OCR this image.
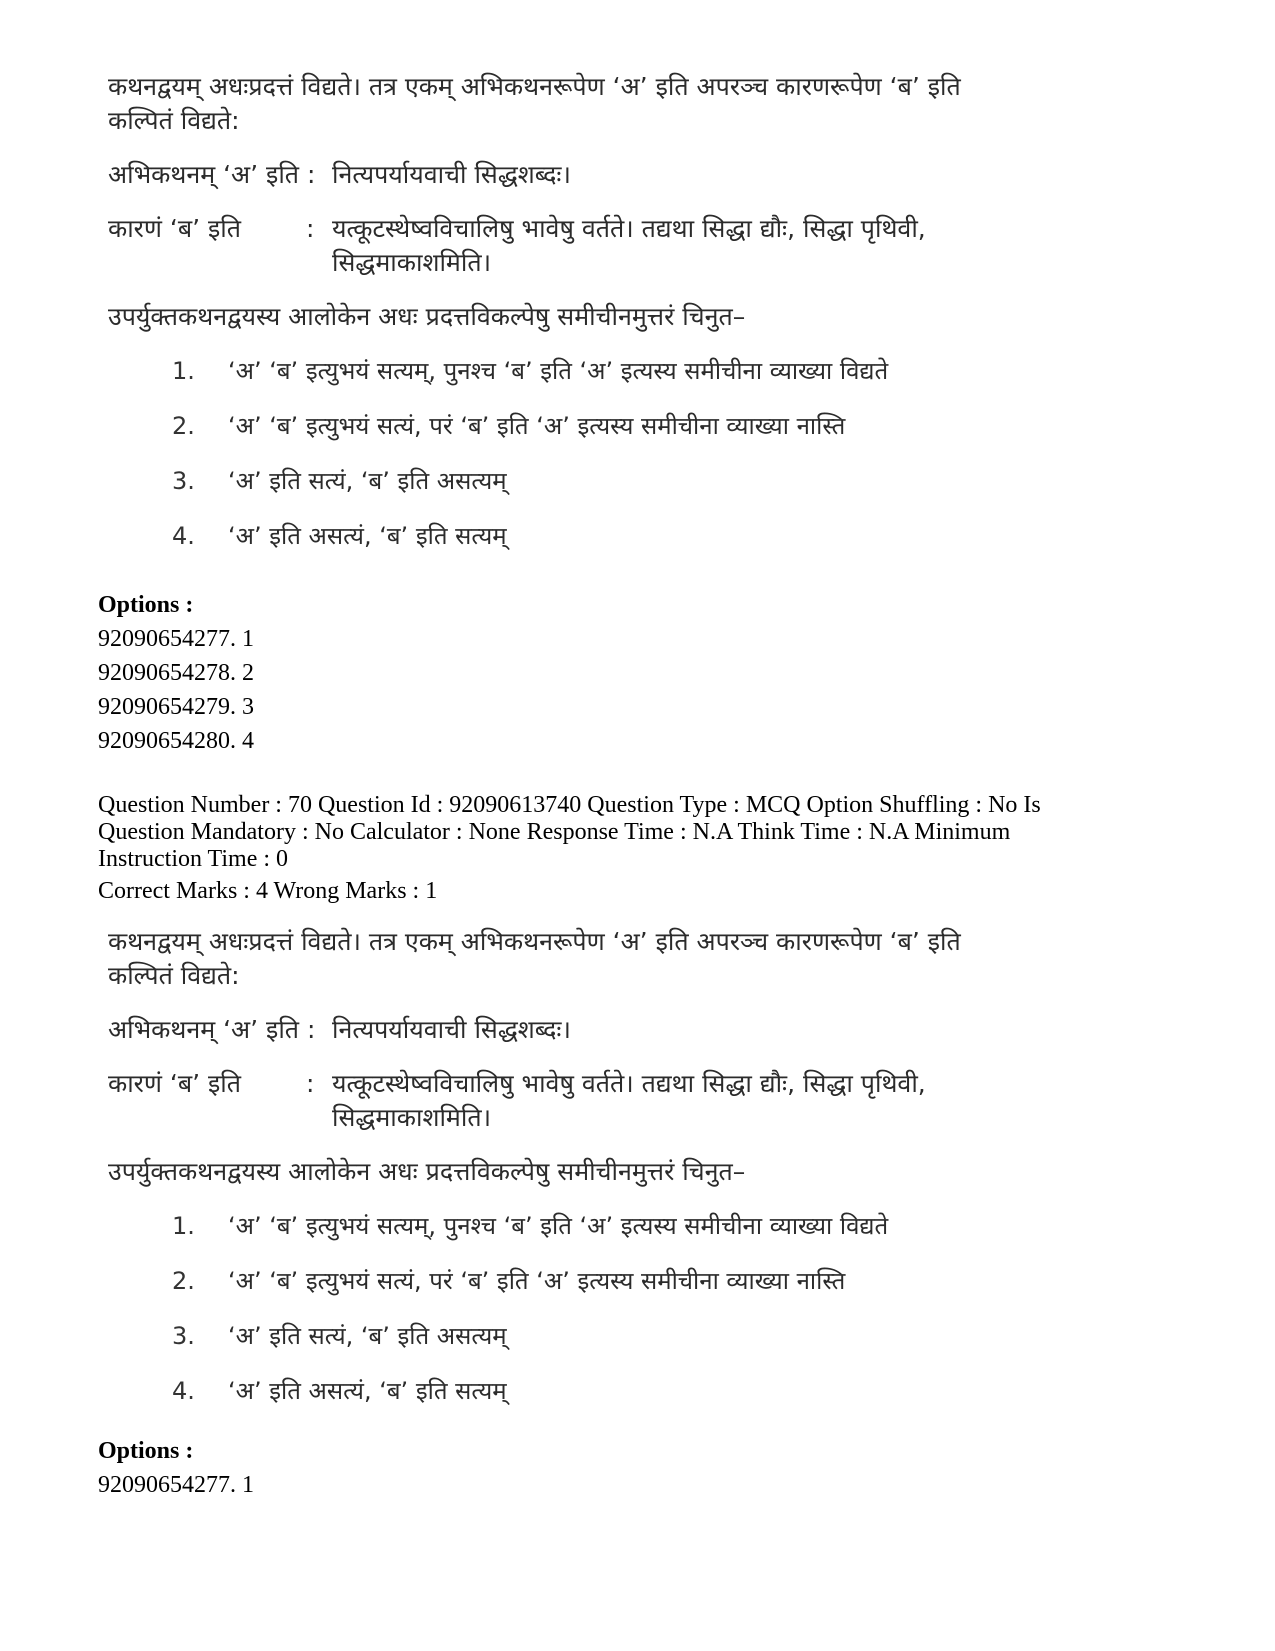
कथनद्वयम् अधःप्रदत्तं विद्यते। तत्र एकम् अभिकथनरूपेण ‘अ’ इति अपरञ्च कारणरूपेण ‘ब’ इति

कल्पितं विद्यते:

अभिकथनम् ‘अ’ इति : नित्यपर्यायवाची सिद्धशब्दः।
कारणं ‘ब’ इति	: यत्कूटस्थेष्वविचालिषु भावेषु वर्तते। तद्यथा सिद्धा द्यौः, सिद्धा पृथिवी,
सिद्धमाकाशमिति।

उपर्युक्तकथनद्वयस्य आलोकेन अधः प्रदत्तविकल्पेषु समीचीनमुत्तरं चिनुत–

1.	‘अ’ ‘ब’ इत्युभयं सत्यम्, पुनश्च ‘ब’ इति ‘अ’ इत्यस्य समीचीना व्याख्या विद्यते
2.	‘अ’ ‘ब’ इत्युभयं सत्यं, परं ‘ब’ इति ‘अ’ इत्यस्य समीचीना व्याख्या नास्ति
3.	‘अ’ इति सत्यं, ‘ब’ इति असत्यम्
4.	‘अ’ इति असत्यं, ‘ब’ इति सत्यम्
Options :
92090654277. 1
92090654278. 2
92090654279. 3
92090654280. 4
Question Number : 70 Question Id : 92090613740 Question Type : MCQ Option Shuffling : No Is
Question Mandatory : No Calculator : None Response Time : N.A Think Time : N.A Minimum
Instruction Time : 0
Correct Marks : 4 Wrong Marks : 1

कथनद्वयम् अधःप्रदत्तं विद्यते। तत्र एकम् अभिकथनरूपेण ‘अ’ इति अपरञ्च कारणरूपेण ‘ब’ इति

कल्पितं विद्यते:

अभिकथनम् ‘अ’ इति : नित्यपर्यायवाची सिद्धशब्दः।
कारणं ‘ब’ इति	: यत्कूटस्थेष्वविचालिषु भावेषु वर्तते। तद्यथा सिद्धा द्यौः, सिद्धा पृथिवी,
सिद्धमाकाशमिति।

उपर्युक्तकथनद्वयस्य आलोकेन अधः प्रदत्तविकल्पेषु समीचीनमुत्तरं चिनुत–

1.	‘अ’ ‘ब’ इत्युभयं सत्यम्, पुनश्च ‘ब’ इति ‘अ’ इत्यस्य समीचीना व्याख्या विद्यते
2.	‘अ’ ‘ब’ इत्युभयं सत्यं, परं ‘ब’ इति ‘अ’ इत्यस्य समीचीना व्याख्या नास्ति
3.	‘अ’ इति सत्यं, ‘ब’ इति असत्यम्
4.	‘अ’ इति असत्यं, ‘ब’ इति सत्यम्
Options :
92090654277. 1
